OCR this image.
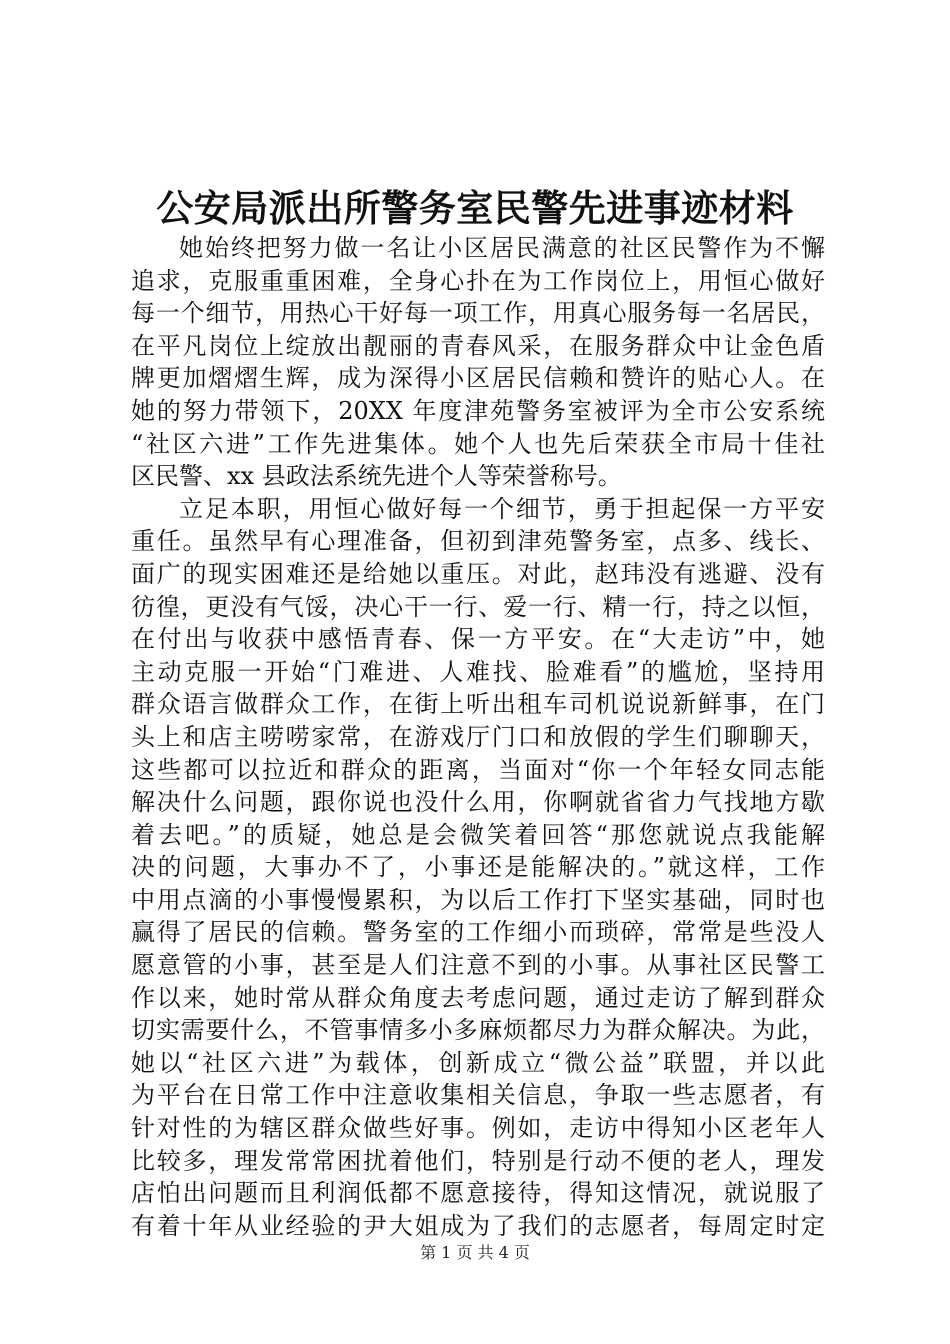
公安局派出所警务室民警先进事迹材料
她始终把努力做一名让小区居民满意的社区民警作为不懈
追求，克服重重困难，全身心扑在为工作岗位上，用恒心做好
每一个细节，用热心干好每一项工作，用真心服务每一名居民，
在平凡岗位上绽放出靓丽的青春风采，在服务群众中让金色盾
牌更加熠熠生辉，成为深得小区居民信赖和赞许的贴心人。在
她的努力带领下，20XX 年度津苑警务室被评为全市公安系统
“社区六进”工作先进集体。她个人也先后荣获全市局十佳社
区民警、xx 县政法系统先进个人等荣誉称号。
立足本职，用恒心做好每一个细节，勇于担起保一方平安
重任。虽然早有心理准备，但初到津苑警务室，点多、线长、
面广的现实困难还是给她以重压。对此，赵玮没有逃避、没有
彷徨，更没有气馁，决心干一行、爱一行、精一行，持之以恒，
在付出与收获中感悟青春、保一方平安。在“大走访”中，她
主动克服一开始“门难进、人难找、脸难看”的尴尬，坚持用
群众语言做群众工作，在街上听出租车司机说说新鲜事，在门
头上和店主唠唠家常，在游戏厅门口和放假的学生们聊聊天，
这些都可以拉近和群众的距离，当面对“你一个年轻女同志能
解决什么问题，跟你说也没什么用，你啊就省省力气找地方歇
着去吧。”的质疑，她总是会微笑着回答“那您就说点我能解
决的问题，大事办不了，小事还是能解决的。”就这样，工作
中用点滴的小事慢慢累积，为以后工作打下坚实基础，同时也
赢得了居民的信赖。警务室的工作细小而琐碎，常常是些没人
愿意管的小事，甚至是人们注意不到的小事。从事社区民警工
作以来，她时常从群众角度去考虑问题，通过走访了解到群众
切实需要什么，不管事情多小多麻烦都尽力为群众解决。为此，
她以“社区六进”为载体，创新成立“微公益”联盟，并以此
为平台在日常工作中注意收集相关信息，争取一些志愿者，有
针对性的为辖区群众做些好事。例如，走访中得知小区老年人
比较多，理发常常困扰着他们，特别是行动不便的老人，理发
店怕出问题而且利润低都不愿意接待，得知这情况，就说服了
有着十年从业经验的尹大姐成为了我们的志愿者，每周定时定
第 1 页 共 4 页
